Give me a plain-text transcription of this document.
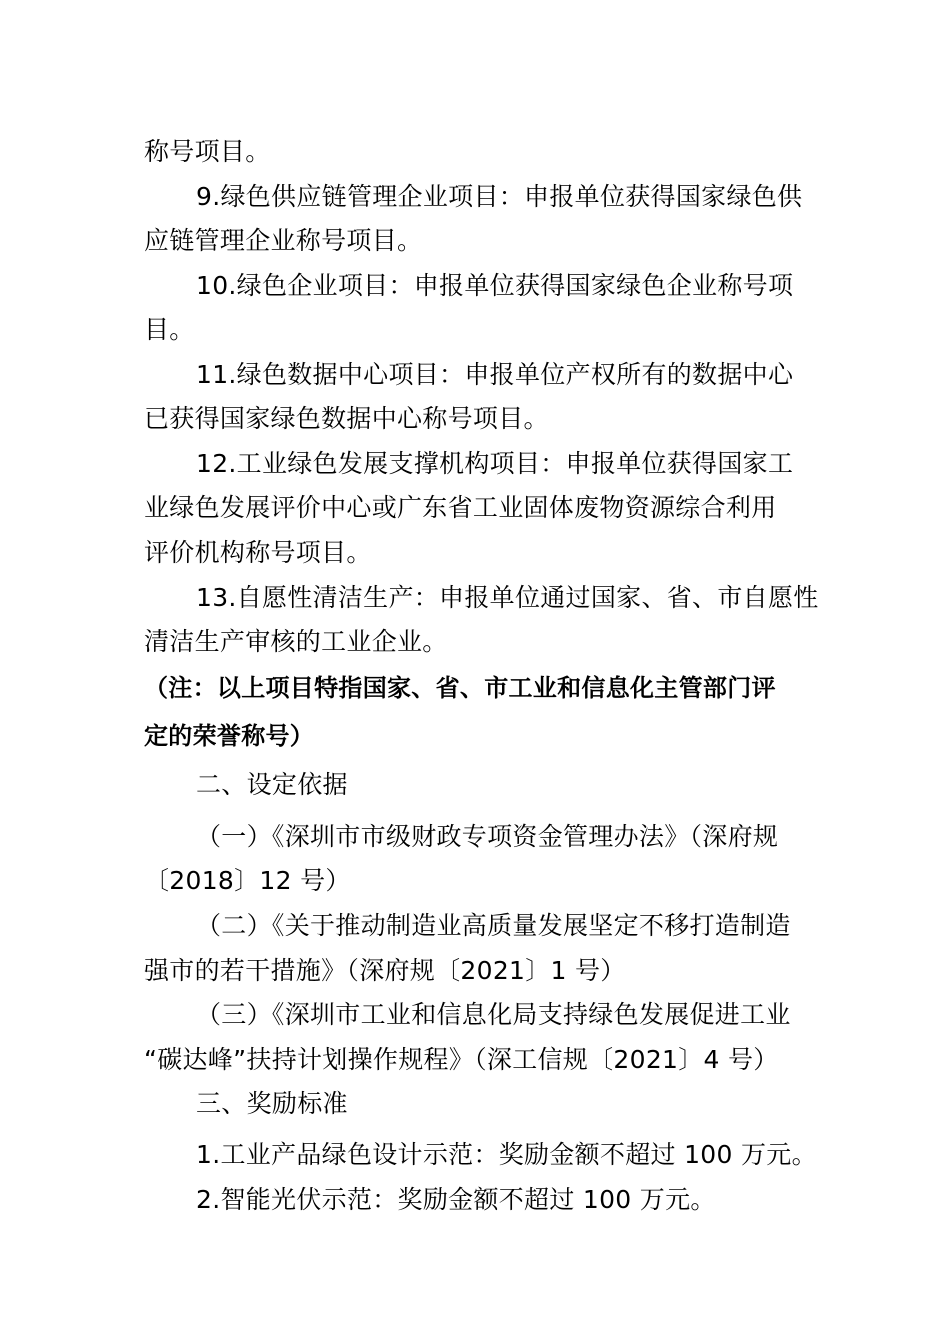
称号项目。
9.绿色供应链管理企业项目：申报单位获得国家绿色供
应链管理企业称号项目。
10.绿色企业项目：申报单位获得国家绿色企业称号项
目。
11.绿色数据中心项目：申报单位产权所有的数据中心
已获得国家绿色数据中心称号项目。
12.工业绿色发展支撑机构项目：申报单位获得国家工
业绿色发展评价中心或广东省工业固体废物资源综合利用
评价机构称号项目。
13.自愿性清洁生产：申报单位通过国家、省、市自愿性
清洁生产审核的工业企业。
（注：以上项目特指国家、省、市工业和信息化主管部门评
定的荣誉称号）
二、设定依据
（一）《深圳市市级财政专项资金管理办法》（深府规
〔2018〕12 号）
（二）《关于推动制造业高质量发展坚定不移打造制造
强市的若干措施》（深府规〔2021〕1 号）
（三）《深圳市工业和信息化局支持绿色发展促进工业
“碳达峰”扶持计划操作规程》（深工信规〔2021〕4 号）
三、奖励标准
1.工业产品绿色设计示范：奖励金额不超过 100 万元。
2.智能光伏示范：奖励金额不超过 100 万元。
